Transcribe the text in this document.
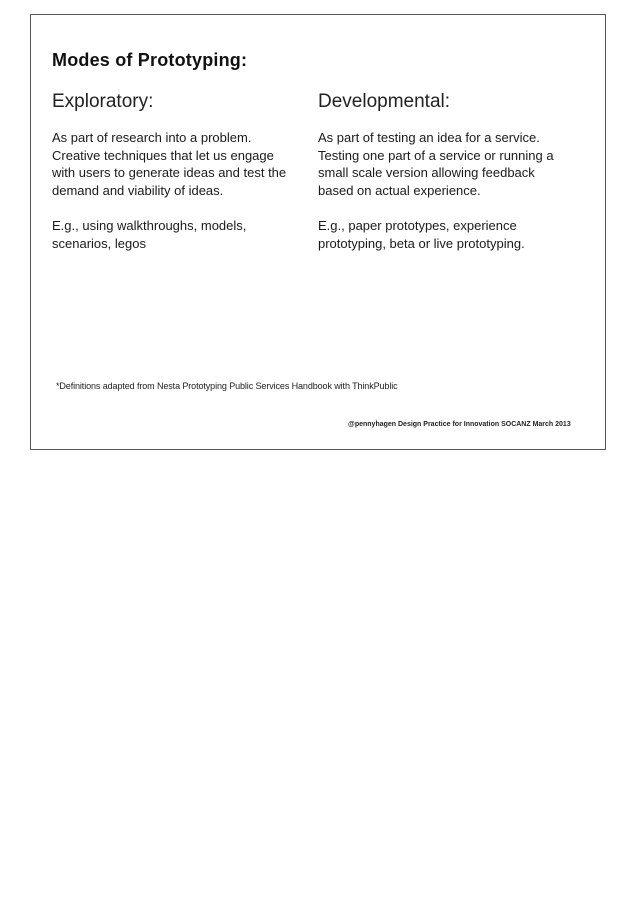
Modes of Prototyping:
Exploratory:	Developmental:

As part of research into a problem. Creative techniques that let us engage with users to generate ideas and test the demand and viability of ideas.

E.g., using walkthroughs, models, scenarios, legos

As part of testing an idea for a service. Testing one part of a service or running a small scale version allowing feedback based on actual experience.

E.g., paper prototypes, experience prototyping, beta or live prototyping.

*Definitions adapted from Nesta Prototyping Public Services Handbook with ThinkPublic
@pennyhagen Design Practice for Innovation SOCANZ March 2013
